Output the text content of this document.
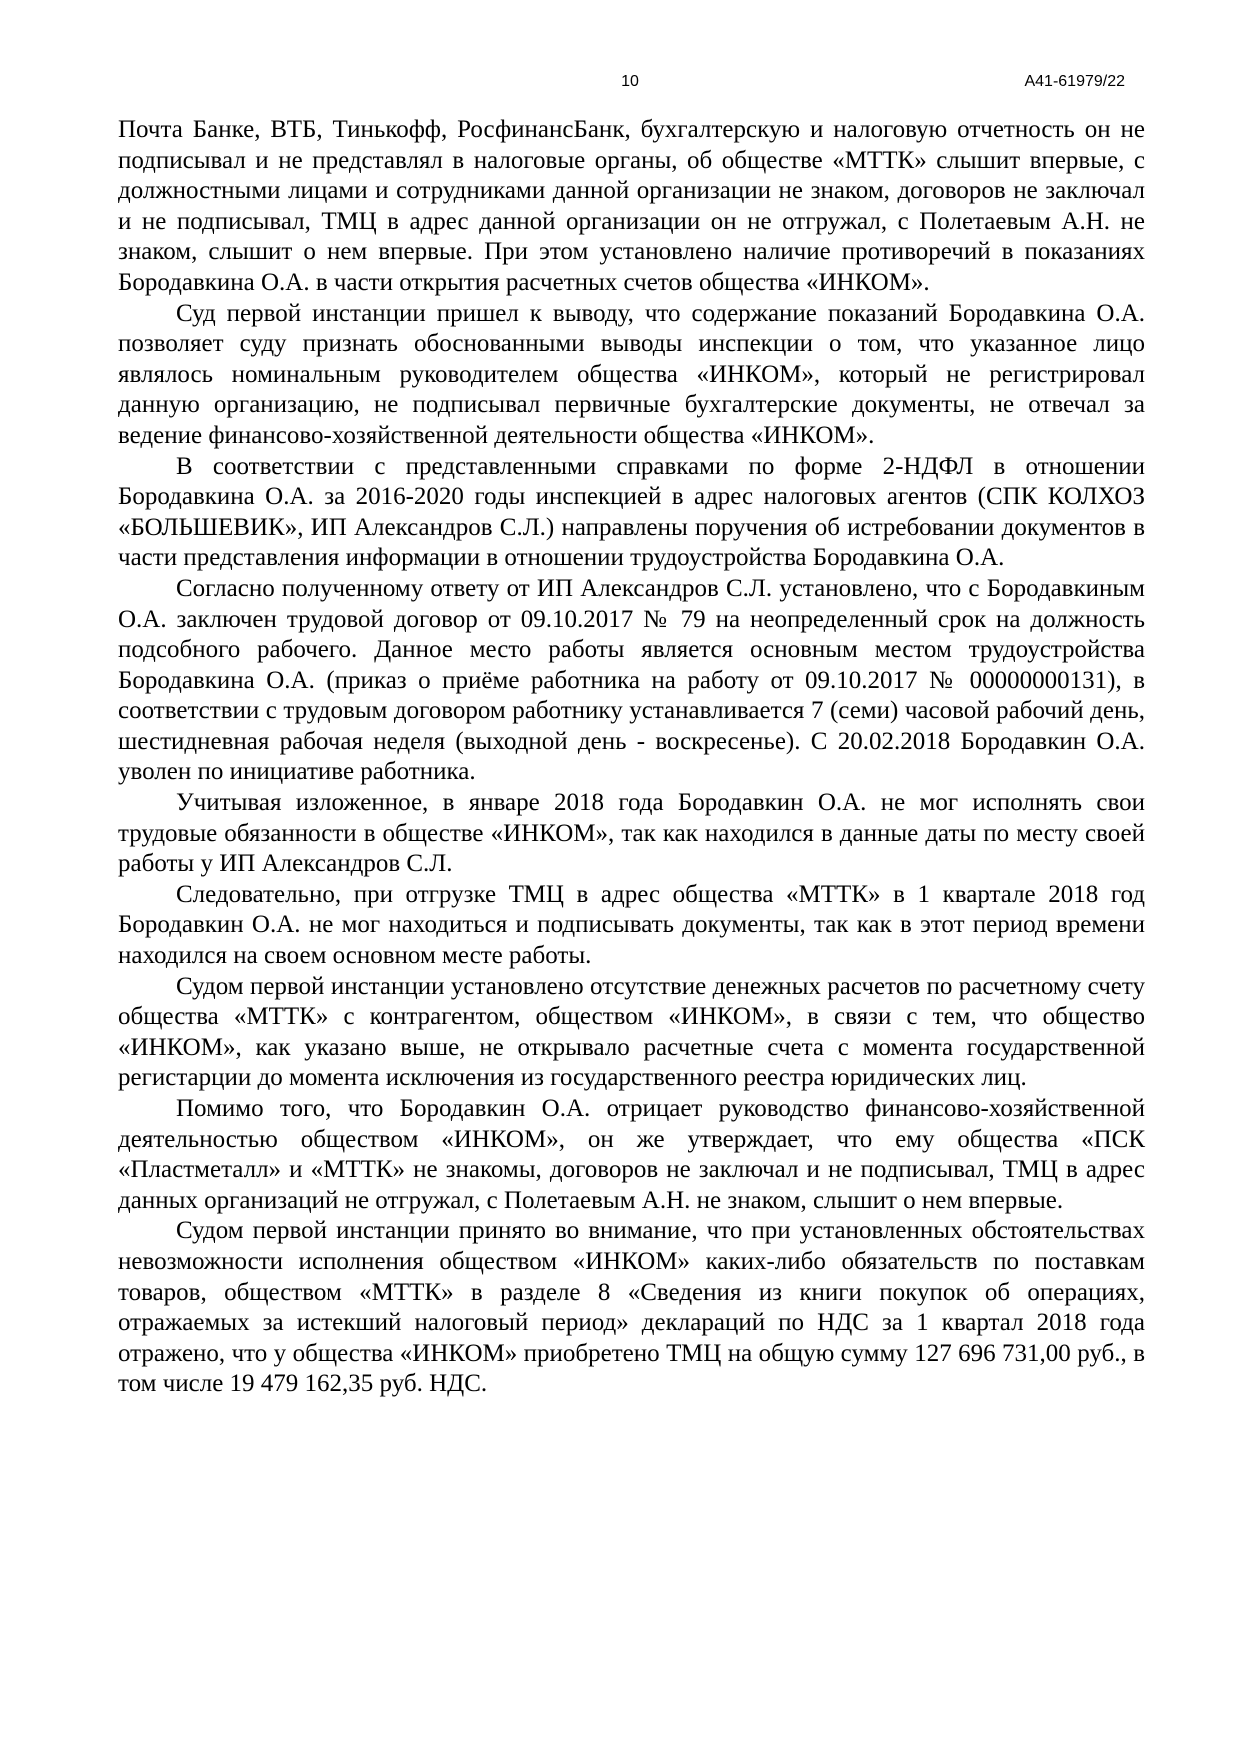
10	А41-61979/22

Почта Банке, ВТБ, Тинькофф, РосфинансБанк, бухгалтерскую и налоговую отчетность он не подписывал и не представлял в налоговые органы, об обществе «МТТК» слышит впервые, с должностными лицами и сотрудниками данной организации не знаком, договоров не заключал и не подписывал, ТМЦ в адрес данной организации он не отгружал, с Полетаевым А.Н. не знаком, слышит о нем впервые. При этом установлено наличие противоречий в показаниях Бородавкина О.А. в части открытия расчетных счетов общества «ИНКОМ».

Суд первой инстанции пришел к выводу, что содержание показаний Бородавкина О.А. позволяет суду признать обоснованными выводы инспекции о том, что указанное лицо являлось номинальным руководителем общества «ИНКОМ», который не регистрировал данную организацию, не подписывал первичные бухгалтерские документы, не отвечал за ведение финансово-хозяйственной деятельности общества «ИНКОМ».

В соответствии с представленными справками по форме 2-НДФЛ в отношении Бородавкина О.А. за 2016-2020 годы инспекцией в адрес налоговых агентов (СПК КОЛХОЗ «БОЛЬШЕВИК», ИП Александров С.Л.) направлены поручения об истребовании документов в части представления информации в отношении трудоустройства Бородавкина О.А.

Согласно полученному ответу от ИП Александров С.Л. установлено, что с Бородавкиным О.А. заключен трудовой договор от 09.10.2017 № 79 на неопределенный срок на должность подсобного рабочего. Данное место работы является основным местом трудоустройства Бородавкина О.А. (приказ о приёме работника на работу от 09.10.2017 № 00000000131), в соответствии с трудовым договором работнику устанавливается 7 (семи) часовой рабочий день, шестидневная рабочая неделя (выходной день - воскресенье). С 20.02.2018 Бородавкин О.А. уволен по инициативе работника.

Учитывая изложенное, в январе 2018 года Бородавкин О.А. не мог исполнять свои трудовые обязанности в обществе «ИНКОМ», так как находился в данные даты по месту своей работы у ИП Александров С.Л.

Следовательно, при отгрузке ТМЦ в адрес общества «МТТК» в 1 квартале 2018 год Бородавкин О.А. не мог находиться и подписывать документы, так как в этот период времени находился на своем основном месте работы.

Судом первой инстанции установлено отсутствие денежных расчетов по расчетному счету общества «МТТК» с контрагентом, обществом «ИНКОМ», в связи с тем, что общество «ИНКОМ», как указано выше, не открывало расчетные счета с момента государственной регистарции до момента исключения из государственного реестра юридических лиц.

Помимо того, что Бородавкин О.А. отрицает руководство финансово-хозяйственной деятельностью обществом «ИНКОМ», он же утверждает, что ему общества «ПСК «Пластметалл» и «МТТК» не знакомы, договоров не заключал и не подписывал, ТМЦ в адрес данных организаций не отгружал, с Полетаевым А.Н. не знаком, слышит о нем впервые.

Судом первой инстанции принято во внимание, что при установленных обстоятельствах невозможности исполнения обществом «ИНКОМ» каких-либо обязательств по поставкам товаров, обществом «МТТК» в разделе 8 «Сведения из книги покупок об операциях, отражаемых за истекший налоговый период» деклараций по НДС за 1 квартал 2018 года отражено, что у общества «ИНКОМ» приобретено ТМЦ на общую сумму 127 696 731,00 руб., в том числе 19 479 162,35 руб. НДС.
